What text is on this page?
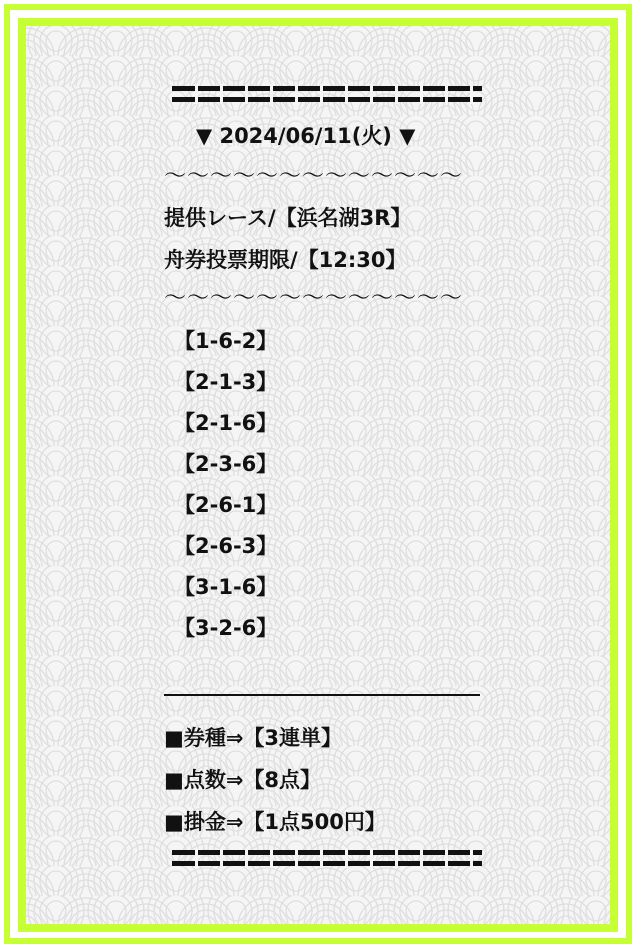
▼ 2024/06/11(火) ▼
〜〜〜〜〜〜〜〜〜〜〜〜〜
提供レース/【浜名湖3R】
舟券投票期限/【12:30】
〜〜〜〜〜〜〜〜〜〜〜〜〜
【1-6-2】
【2-1-3】
【2-1-6】
【2-3-6】
【2-6-1】
【2-6-3】
【3-1-6】
【3-2-6】
■券種⇒【3連単】
■点数⇒【8点】
■掛金⇒【1点500円】
